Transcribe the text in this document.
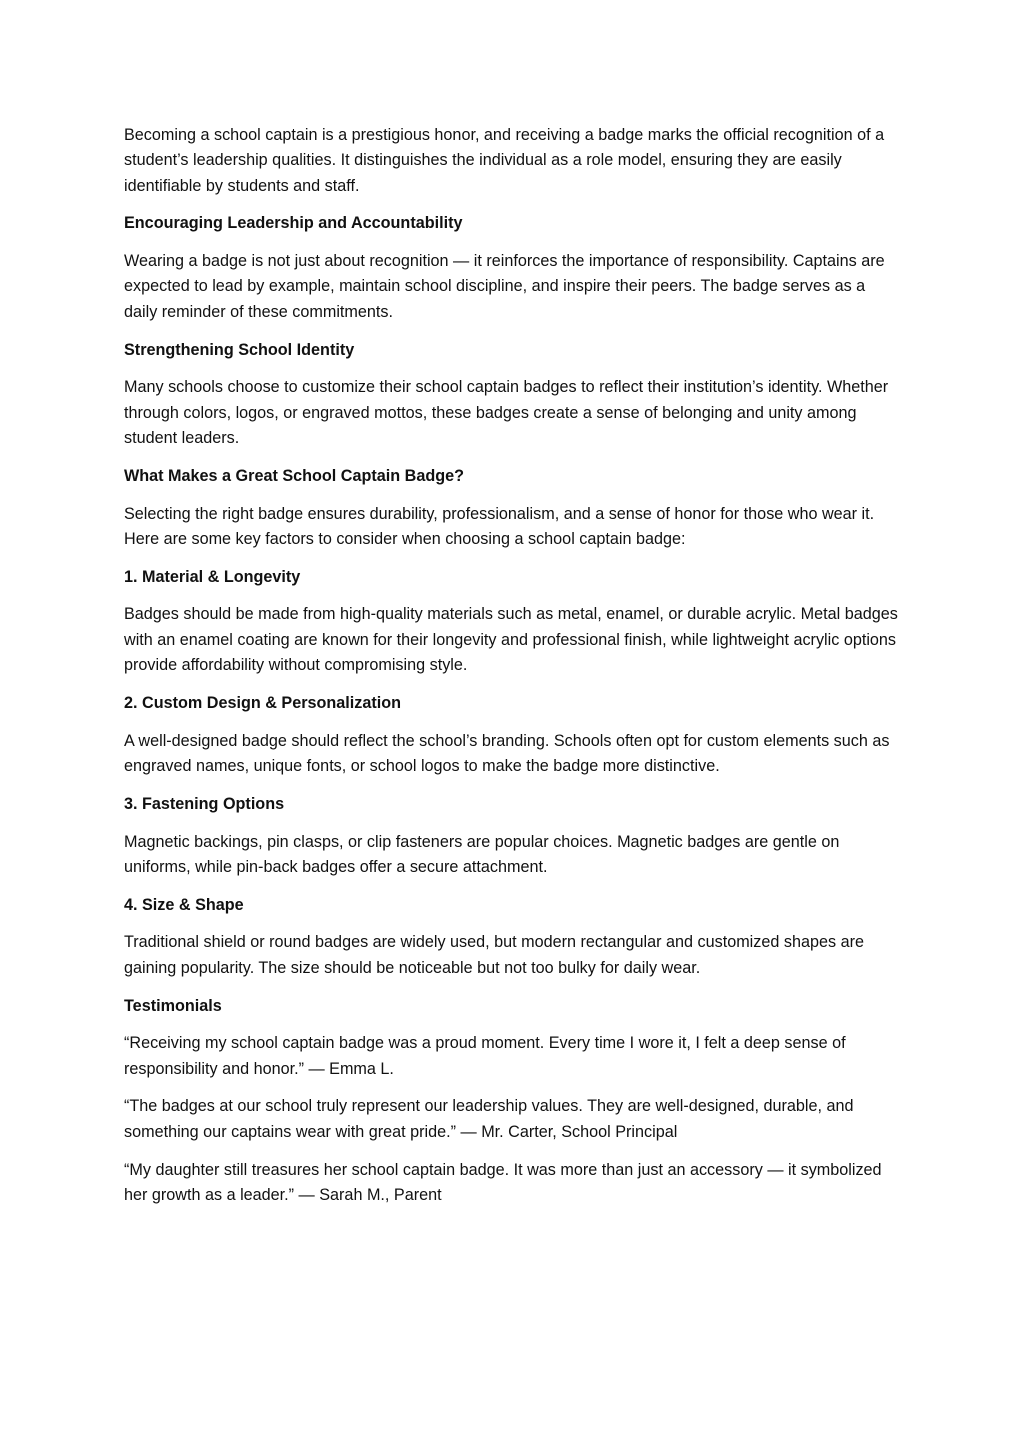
Becoming a school captain is a prestigious honor, and receiving a badge marks the official recognition of a student’s leadership qualities. It distinguishes the individual as a role model, ensuring they are easily identifiable by students and staff.

Encouraging Leadership and Accountability

Wearing a badge is not just about recognition — it reinforces the importance of responsibility. Captains are expected to lead by example, maintain school discipline, and inspire their peers. The badge serves as a daily reminder of these commitments.

Strengthening School Identity

Many schools choose to customize their school captain badges to reflect their institution’s identity. Whether through colors, logos, or engraved mottos, these badges create a sense of belonging and unity among student leaders.

What Makes a Great School Captain Badge?

Selecting the right badge ensures durability, professionalism, and a sense of honor for those who wear it. Here are some key factors to consider when choosing a school captain badge:

1. Material & Longevity

Badges should be made from high-quality materials such as metal, enamel, or durable acrylic. Metal badges with an enamel coating are known for their longevity and professional finish, while lightweight acrylic options provide affordability without compromising style.

2. Custom Design & Personalization

A well-designed badge should reflect the school’s branding. Schools often opt for custom elements such as engraved names, unique fonts, or school logos to make the badge more distinctive.

3. Fastening Options

Magnetic backings, pin clasps, or clip fasteners are popular choices. Magnetic badges are gentle on uniforms, while pin-back badges offer a secure attachment.

4. Size & Shape

Traditional shield or round badges are widely used, but modern rectangular and customized shapes are gaining popularity. The size should be noticeable but not too bulky for daily wear.

Testimonials

“Receiving my school captain badge was a proud moment. Every time I wore it, I felt a deep sense of responsibility and honor.” — Emma L.

“The badges at our school truly represent our leadership values. They are well-designed, durable, and something our captains wear with great pride.” — Mr. Carter, School Principal

“My daughter still treasures her school captain badge. It was more than just an accessory — it symbolized her growth as a leader.” — Sarah M., Parent
